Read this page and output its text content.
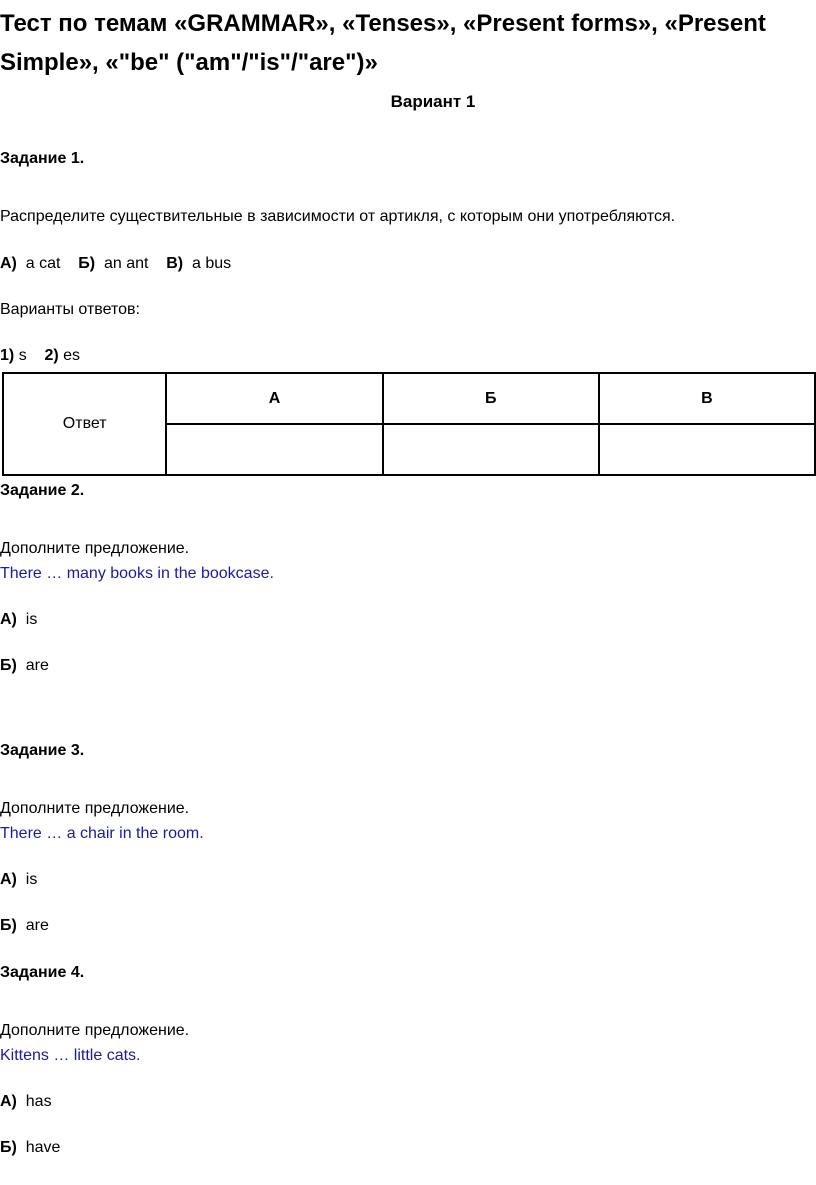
Тест по темам «GRAMMAR», «Tenses», «Present forms», «Present Simple», «"be" ("am"/"is"/"are")»
Вариант 1
Задание 1.
Распределите существительные в зависимости от артикля, с которым они употребляются.
А) a cat Б) an ant В) a bus
Варианты ответов:
1) s 2) es
Ответ	А	Б	В

Задание 2.
Дополните предложение.
There … many books in the bookcase.
А) is
Б) are
Задание 3.
Дополните предложение.
There … a chair in the room.
А) is
Б) are
Задание 4.
Дополните предложение.
Kittens … little cats.
А) has
Б) have
